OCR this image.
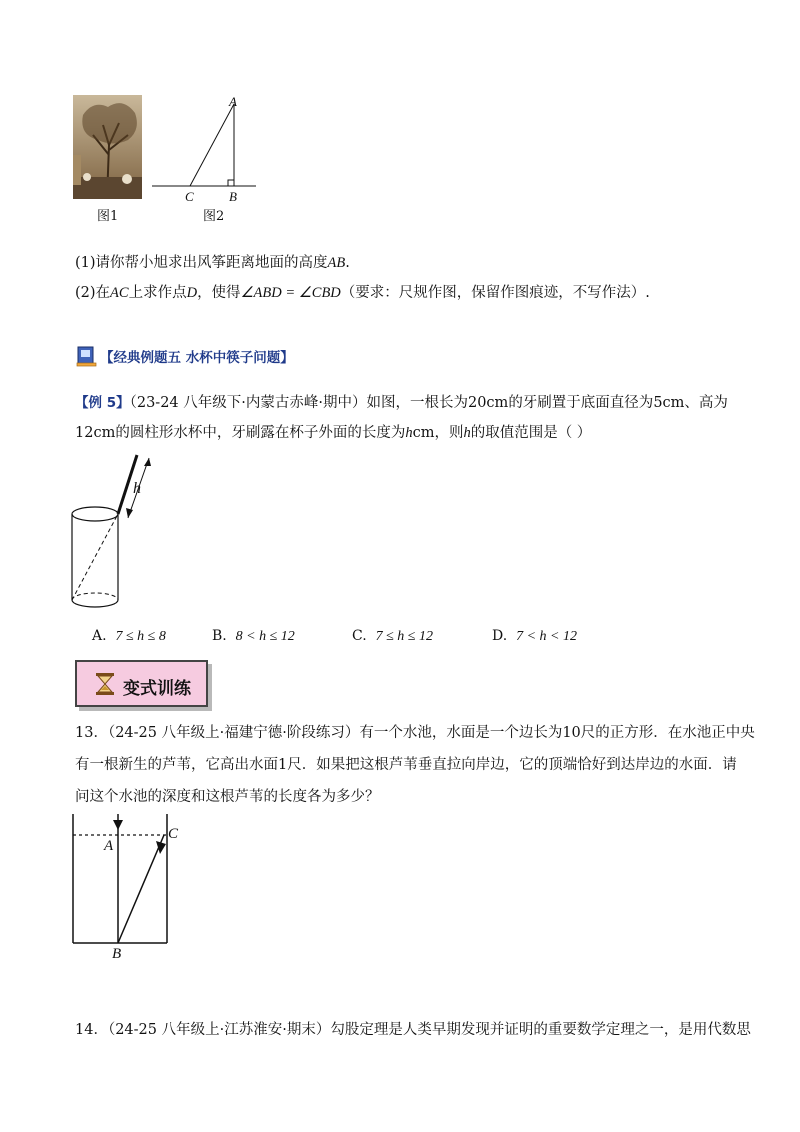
图1
A
C	B
图2
(1)请你帮小旭求出风筝距离地面的高度AB.
(2)在AC上求作点D，使得∠ABD = ∠CBD（要求：尺规作图，保留作图痕迹，不写作法）.
【经典例题五 水杯中筷子问题】
【例 5】（23-24 八年级下·内蒙古赤峰·期中）如图，一根长为20cm的牙刷置于底面直径为5cm、高为
12cm的圆柱形水杯中，牙刷露在杯子外面的长度为hcm，则h的取值范围是（ ）
h
A. 7 ≤ h ≤ 8	B. 8 < h ≤ 12	C. 7 ≤ h ≤ 12	D. 7 < h < 12
变式训练
13．（24-25 八年级上·福建宁德·阶段练习）有一个水池，水面是一个边长为10尺的正方形．在水池正中央
有一根新生的芦苇，它高出水面1尺．如果把这根芦苇垂直拉向岸边，它的顶端恰好到达岸边的水面．请
问这个水池的深度和这根芦苇的长度各为多少？
A
C
B
14．（24-25 八年级上·江苏淮安·期末）勾股定理是人类早期发现并证明的重要数学定理之一，是用代数思
